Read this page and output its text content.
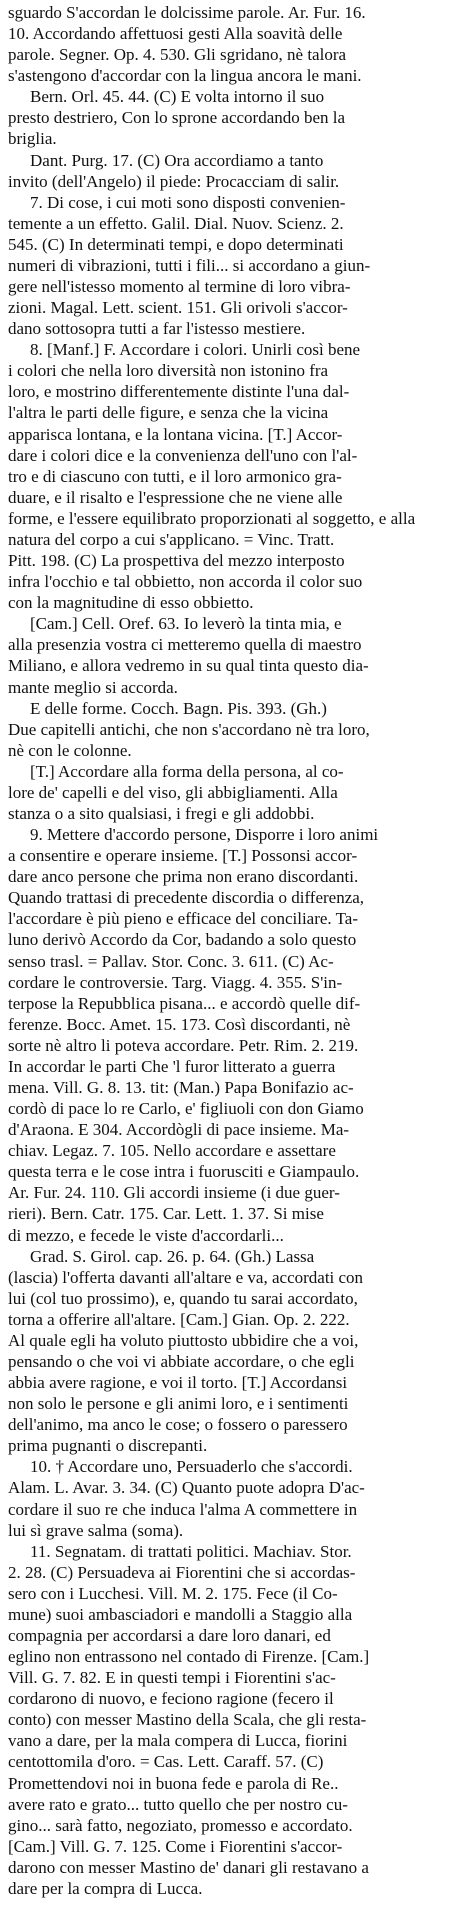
sguardo S'accordan le dolcissime parole. Ar. Fur. 16.
10. Accordando affettuosi gesti Alla soavità delle
parole. Segner. Op. 4. 530. Gli sgridano, nè talora
s'astengono d'accordar con la lingua ancora le mani.
Bern. Orl. 45. 44. (C) E volta intorno il suo
presto destriero, Con lo sprone accordando ben la
briglia.
Dant. Purg. 17. (C) Ora accordiamo a tanto
invito (dell'Angelo) il piede: Procacciam di salir.
7. Di cose, i cui moti sono disposti convenien-
temente a un effetto. Galil. Dial. Nuov. Scienz. 2.
545. (C) In determinati tempi, e dopo determinati
numeri di vibrazioni, tutti i fili... si accordano a giun-
gere nell'istesso momento al termine di loro vibra-
zioni. Magal. Lett. scient. 151. Gli orivoli s'accor-
dano sottosopra tutti a far l'istesso mestiere.
8. [Manf.] F. Accordare i colori. Unirli così bene
i colori che nella loro diversità non istonino fra
loro, e mostrino differentemente distinte l'una dal-
l'altra le parti delle figure, e senza che la vicina
apparisca lontana, e la lontana vicina. [T.] Accor-
dare i colori dice e la convenienza dell'uno con l'al-
tro e di ciascuno con tutti, e il loro armonico gra-
duare, e il risalto e l'espressione che ne viene alle
forme, e l'essere equilibrato proporzionati al soggetto, e alla
natura del corpo a cui s'applicano. = Vinc. Tratt.
Pitt. 198. (C) La prospettiva del mezzo interposto
infra l'occhio e tal obbietto, non accorda il color suo
con la magnitudine di esso obbietto.
[Cam.] Cell. Oref. 63. Io leverò la tinta mia, e
alla presenzia vostra ci metteremo quella di maestro
Miliano, e allora vedremo in su qual tinta questo dia-
mante meglio si accorda.
E delle forme. Cocch. Bagn. Pis. 393. (Gh.)
Due capitelli antichi, che non s'accordano nè tra loro,
nè con le colonne.
[T.] Accordare alla forma della persona, al co-
lore de' capelli e del viso, gli abbigliamenti. Alla
stanza o a sito qualsiasi, i fregi e gli addobbi.
9. Mettere d'accordo persone, Disporre i loro animi
a consentire e operare insieme. [T.] Possonsi accor-
dare anco persone che prima non erano discordanti.
Quando trattasi di precedente discordia o differenza,
l'accordare è più pieno e efficace del conciliare. Ta-
luno derivò Accordo da Cor, badando a solo questo
senso trasl. = Pallav. Stor. Conc. 3. 611. (C) Ac-
cordare le controversie. Targ. Viagg. 4. 355. S'in-
terpose la Repubblica pisana... e accordò quelle dif-
ferenze. Bocc. Amet. 15. 173. Così discordanti, nè
sorte nè altro li poteva accordare. Petr. Rim. 2. 219.
In accordar le parti Che 'l furor litterato a guerra
mena. Vill. G. 8. 13. tit: (Man.) Papa Bonifazio ac-
cordò di pace lo re Carlo, e' figliuoli con don Giamo
d'Araona. E 304. Accordògli di pace insieme. Ma-
chiav. Legaz. 7. 105. Nello accordare e assettare
questa terra e le cose intra i fuorusciti e Giampaulo.
Ar. Fur. 24. 110. Gli accordi insieme (i due guer-
rieri). Bern. Catr. 175. Car. Lett. 1. 37. Si mise
di mezzo, e fecede le viste d'accordarli...
Grad. S. Girol. cap. 26. p. 64. (Gh.) Lassa
(lascia) l'offerta davanti all'altare e va, accordati con
lui (col tuo prossimo), e, quando tu sarai accordato,
torna a offerire all'altare. [Cam.] Gian. Op. 2. 222.
Al quale egli ha voluto piuttosto ubbidire che a voi,
pensando o che voi vi abbiate accordare, o che egli
abbia avere ragione, e voi il torto. [T.] Accordansi
non solo le persone e gli animi loro, e i sentimenti
dell'animo, ma anco le cose; o fossero o paressero
prima pugnanti o discrepanti.
10. † Accordare uno, Persuaderlo che s'accordi.
Alam. L. Avar. 3. 34. (C) Quanto puote adopra D'ac-
cordare il suo re che induca l'alma A commettere in
lui sì grave salma (soma).
11. Segnatam. di trattati politici. Machiav. Stor.
2. 28. (C) Persuadeva ai Fiorentini che si accordas-
sero con i Lucchesi. Vill. M. 2. 175. Fece (il Co-
mune) suoi ambasciadori e mandolli a Staggio alla
compagnia per accordarsi a dare loro danari, ed
eglino non entrassono nel contado di Firenze. [Cam.]
Vill. G. 7. 82. E in questi tempi i Fiorentini s'ac-
cordarono di nuovo, e feciono ragione (fecero il
conto) con messer Mastino della Scala, che gli resta-
vano a dare, per la mala compera di Lucca, fiorini
centottomila d'oro. = Cas. Lett. Caraff. 57. (C)
Promettendovi noi in buona fede e parola di Re..
avere rato e grato... tutto quello che per nostro cu-
gino... sarà fatto, negoziato, promesso e accordato.
[Cam.] Vill. G. 7. 125. Come i Fiorentini s'accor-
darono con messer Mastino de' danari gli restavano a
dare per la compra di Lucca.
